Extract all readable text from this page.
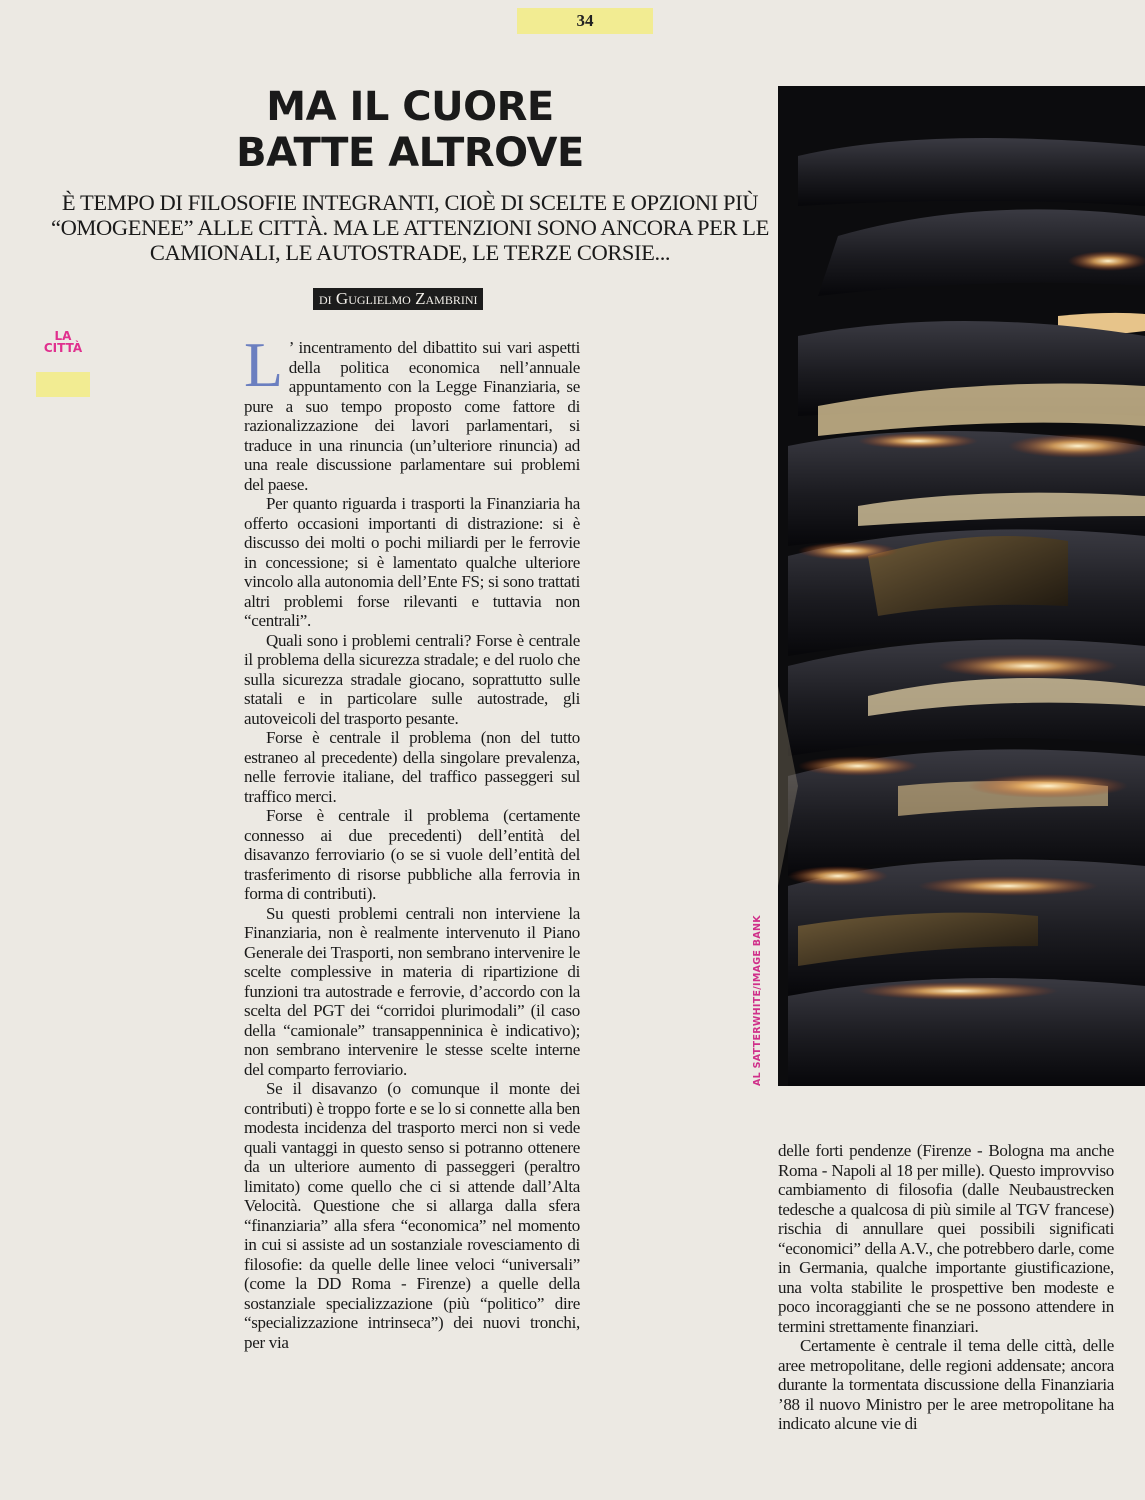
34
MA IL CUORE
BATTE ALTROVE

È TEMPO DI FILOSOFIE INTEGRANTI, CIOÈ DI SCELTE E OPZIONI PIÙ “OMOGENEE” ALLE CITTÀ. MA LE ATTENZIONI SONO ANCORA PER LE CAMIONALI, LE AUTOSTRADE, LE TERZE CORSIE...

di Guglielmo Zambrini
LA
CITTÀ	L ’ incentramento del dibattito sui vari aspetti della politica economica nell’annuale appuntamento con la Legge Finanziaria, se pure a suo tempo proposto come fattore di razionalizzazione dei lavori parlamentari, si traduce in una rinuncia (un’ulteriore rinuncia) ad una reale discussione parlamentare sui problemi del paese.

Per quanto riguarda i trasporti la Finanziaria ha offerto occasioni importanti di distrazione: si è discusso dei molti o pochi miliardi per le ferrovie in concessione; si è lamentato qualche ulteriore vincolo alla autonomia dell’Ente FS; si sono trattati altri problemi forse rilevanti e tuttavia non “centrali”.

Quali sono i problemi centrali? Forse è centrale il problema della sicurezza stradale; e del ruolo che sulla sicurezza stradale giocano, soprattutto sulle statali e in particolare sulle autostrade, gli autoveicoli del trasporto pesante.

Forse è centrale il problema (non del tutto estraneo al precedente) della singolare prevalenza, nelle ferrovie italiane, del traffico passeggeri sul traffico merci.

Forse è centrale il problema (certamente connesso ai due precedenti) dell’entità del disavanzo ferroviario (o se si vuole dell’entità del trasferimento di risorse pubbliche alla ferrovia in forma di contributi).

Su questi problemi centrali non interviene la Finanziaria, non è realmente intervenuto il Piano Generale dei Trasporti, non sembrano intervenire le scelte complessive in materia di ripartizione di funzioni tra autostrade e ferrovie, d’accordo con la scelta del PGT dei “corridoi plurimodali” (il caso della “camionale” transappenninica è indicativo); non sembrano intervenire le stesse scelte interne del comparto ferroviario.

Se il disavanzo (o comunque il monte dei contributi) è troppo forte e se lo si connette alla ben modesta incidenza del trasporto merci non si vede quali vantaggi in questo senso si potranno ottenere da un ulteriore aumento di passeggeri (peraltro limitato) come quello che ci si attende dall’Alta Velocità. Questione che si allarga dalla sfera “finanziaria” alla sfera “economica” nel momento in cui si assiste ad un sostanziale rovesciamento di filosofie: da quelle delle linee veloci “universali” (come la DD Roma - Firenze) a quelle della sostanziale specializzazione (più “politico” dire “specializzazione intrinseca”) dei nuovi tronchi, per via

AL SATTERWHITE/IMAGE BANK

delle forti pendenze (Firenze - Bologna ma anche Roma - Napoli al 18 per mille). Questo improvviso cambiamento di filosofia (dalle Neubaustrecken tedesche a qualcosa di più simile al TGV francese) rischia di annullare quei possibili significati “economici” della A.V., che potrebbero darle, come in Germania, qualche importante giustificazione, una volta stabilite le prospettive ben modeste e poco incoraggianti che se ne possono attendere in termini strettamente finanziari.

Certamente è centrale il tema delle città, delle aree metropolitane, delle regioni addensate; ancora durante la tormentata discussione della Finanziaria ’88 il nuovo Ministro per le aree metropolitane ha indicato alcune vie di
